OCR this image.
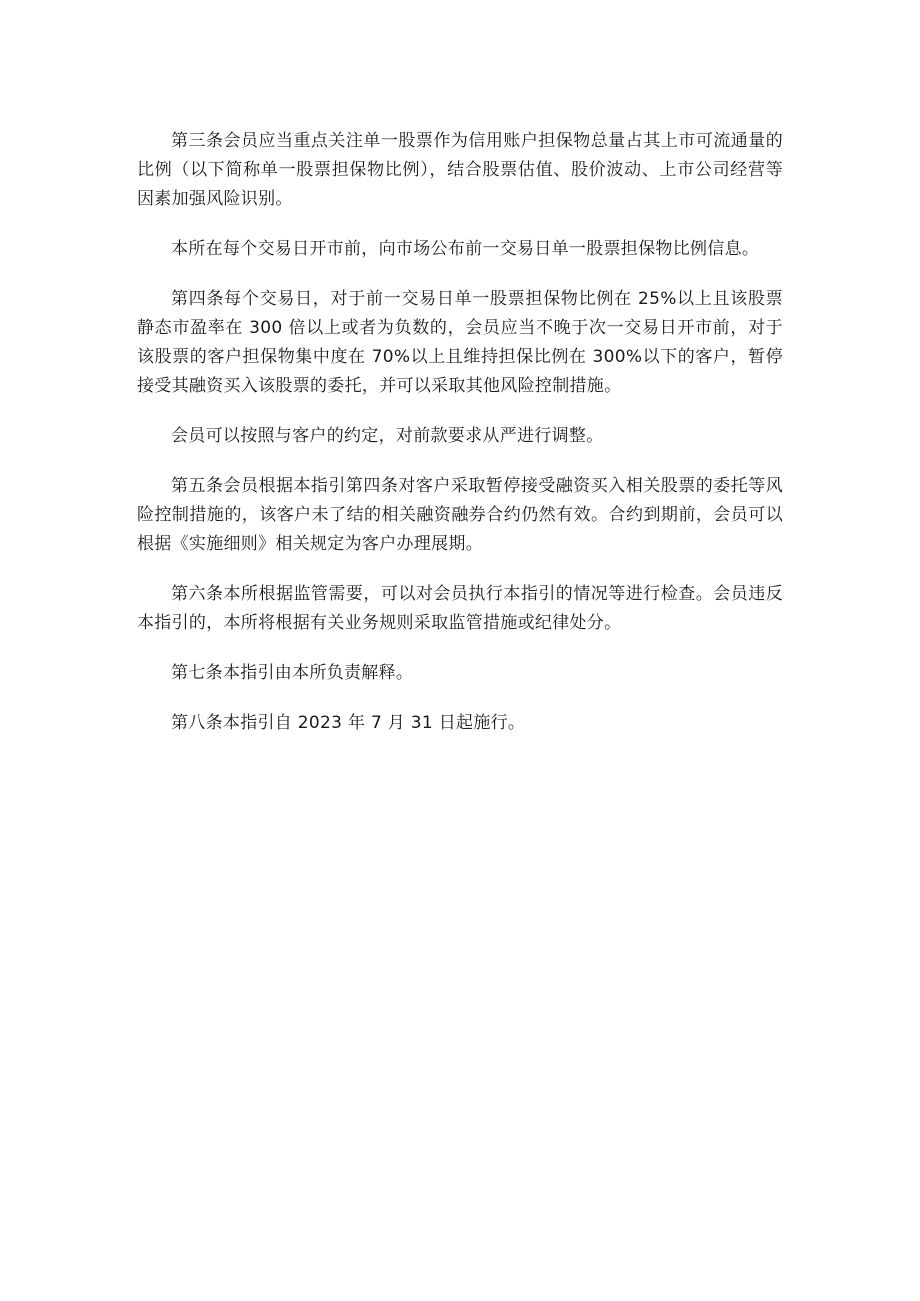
第三条会员应当重点关注单一股票作为信用账户担保物总量占其上市可流通量的比例（以下简称单一股票担保物比例），结合股票估值、股价波动、上市公司经营等因素加强风险识别。

本所在每个交易日开市前，向市场公布前一交易日单一股票担保物比例信息。

第四条每个交易日，对于前一交易日单一股票担保物比例在 25%以上且该股票静态市盈率在 300 倍以上或者为负数的，会员应当不晚于次一交易日开市前，对于该股票的客户担保物集中度在 70%以上且维持担保比例在 300%以下的客户，暂停接受其融资买入该股票的委托，并可以采取其他风险控制措施。

会员可以按照与客户的约定，对前款要求从严进行调整。

第五条会员根据本指引第四条对客户采取暂停接受融资买入相关股票的委托等风险控制措施的，该客户未了结的相关融资融券合约仍然有效。合约到期前，会员可以根据《实施细则》相关规定为客户办理展期。

第六条本所根据监管需要，可以对会员执行本指引的情况等进行检查。会员违反本指引的，本所将根据有关业务规则采取监管措施或纪律处分。

第七条本指引由本所负责解释。

第八条本指引自 2023 年 7 月 31 日起施行。
